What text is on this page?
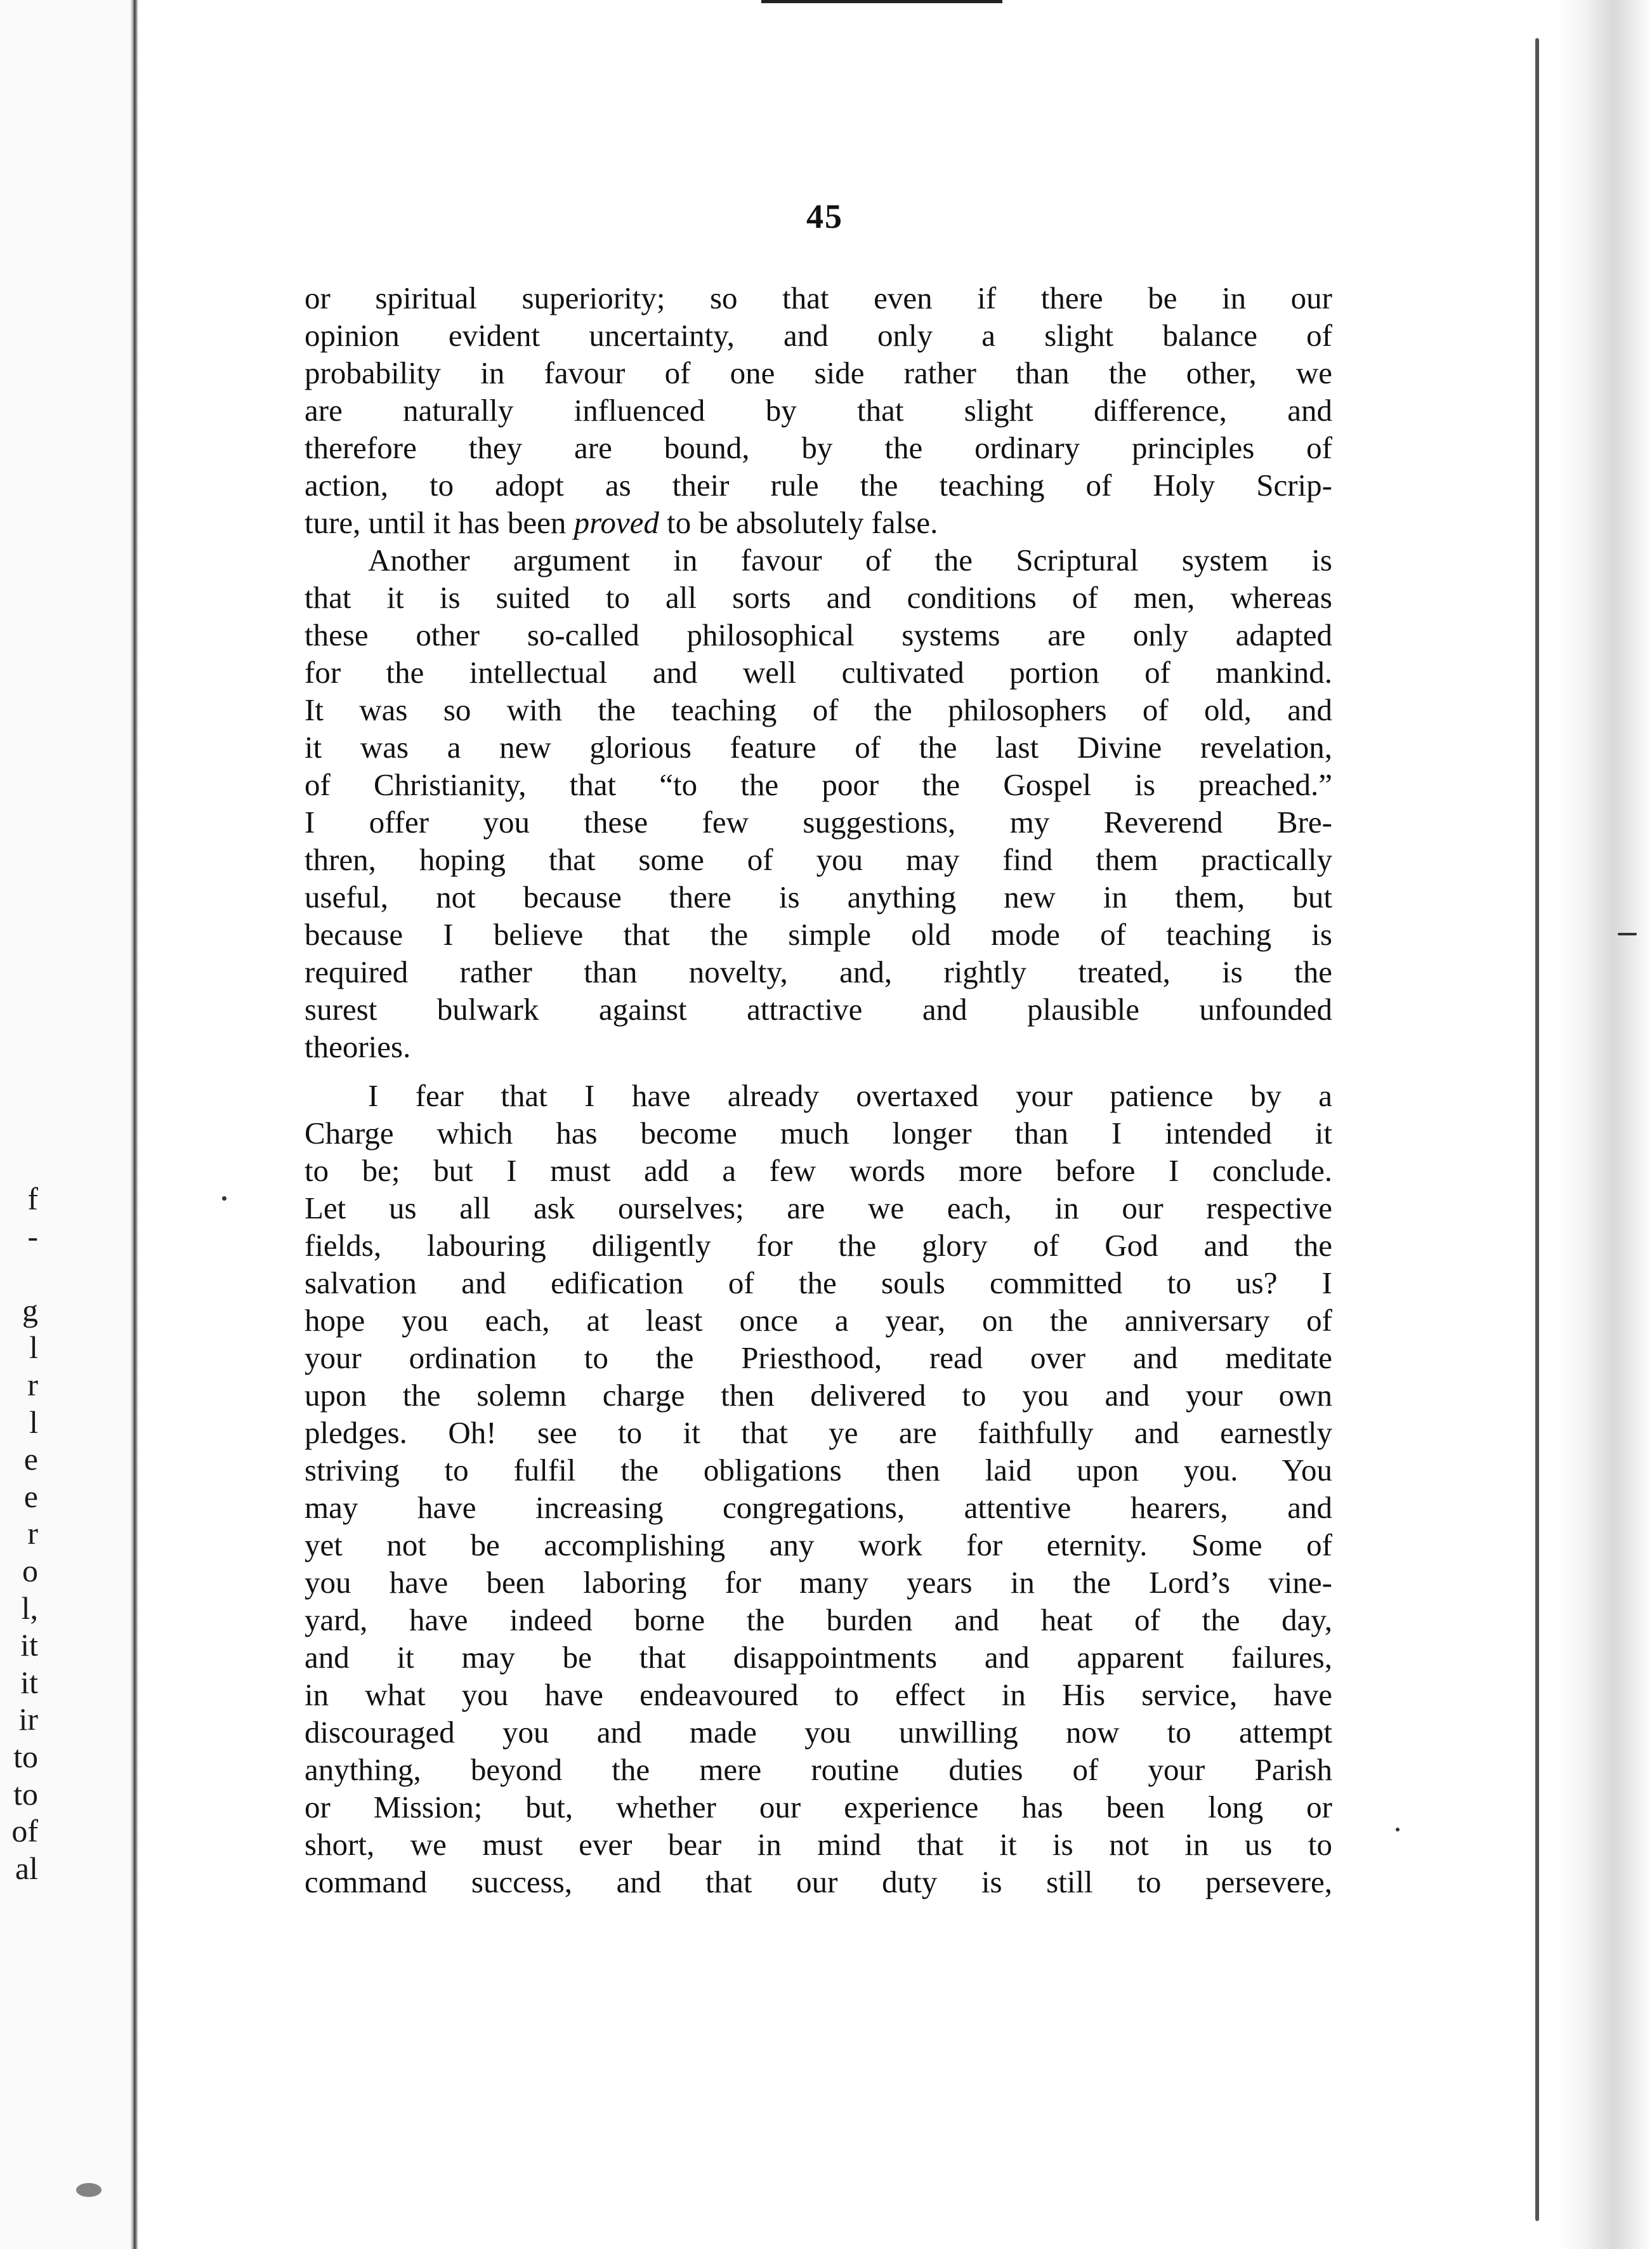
f
-
g
l
r
l
e
e
r
o
l,
it
it
ir
to
to
of
al
45
or spiritual superiority; so that even if there be in our
opinion evident uncertainty, and only a slight balance of
probability in favour of one side rather than the other, we
are naturally influenced by that slight difference, and
therefore they are bound, by the ordinary principles of
action, to adopt as their rule the teaching of Holy Scrip-
ture, until it has been proved to be absolutely false.
Another argument in favour of the Scriptural system is
that it is suited to all sorts and conditions of men, whereas
these other so-called philosophical systems are only adapted
for the intellectual and well cultivated portion of mankind.
It was so with the teaching of the philosophers of old, and
it was a new glorious feature of the last Divine revelation,
of Christianity, that “to the poor the Gospel is preached.”
I offer you these few suggestions, my Reverend Bre-
thren, hoping that some of you may find them practically
useful, not because there is anything new in them, but
because I believe that the simple old mode of teaching is
required rather than novelty, and, rightly treated, is the
surest bulwark against attractive and plausible unfounded
theories.
I fear that I have already overtaxed your patience by a
Charge which has become much longer than I intended it
to be; but I must add a few words more before I conclude.
Let us all ask ourselves; are we each, in our respective
fields, labouring diligently for the glory of God and the
salvation and edification of the souls committed to us? I
hope you each, at least once a year, on the anniversary of
your ordination to the Priesthood, read over and meditate
upon the solemn charge then delivered to you and your own
pledges. Oh! see to it that ye are faithfully and earnestly
striving to fulfil the obligations then laid upon you. You
may have increasing congregations, attentive hearers, and
yet not be accomplishing any work for eternity. Some of
you have been laboring for many years in the Lord’s vine-
yard, have indeed borne the burden and heat of the day,
and it may be that disappointments and apparent failures,
in what you have endeavoured to effect in His service, have
discouraged you and made you unwilling now to attempt
anything, beyond the mere routine duties of your Parish
or Mission; but, whether our experience has been long or
short, we must ever bear in mind that it is not in us to
command success, and that our duty is still to persevere,
